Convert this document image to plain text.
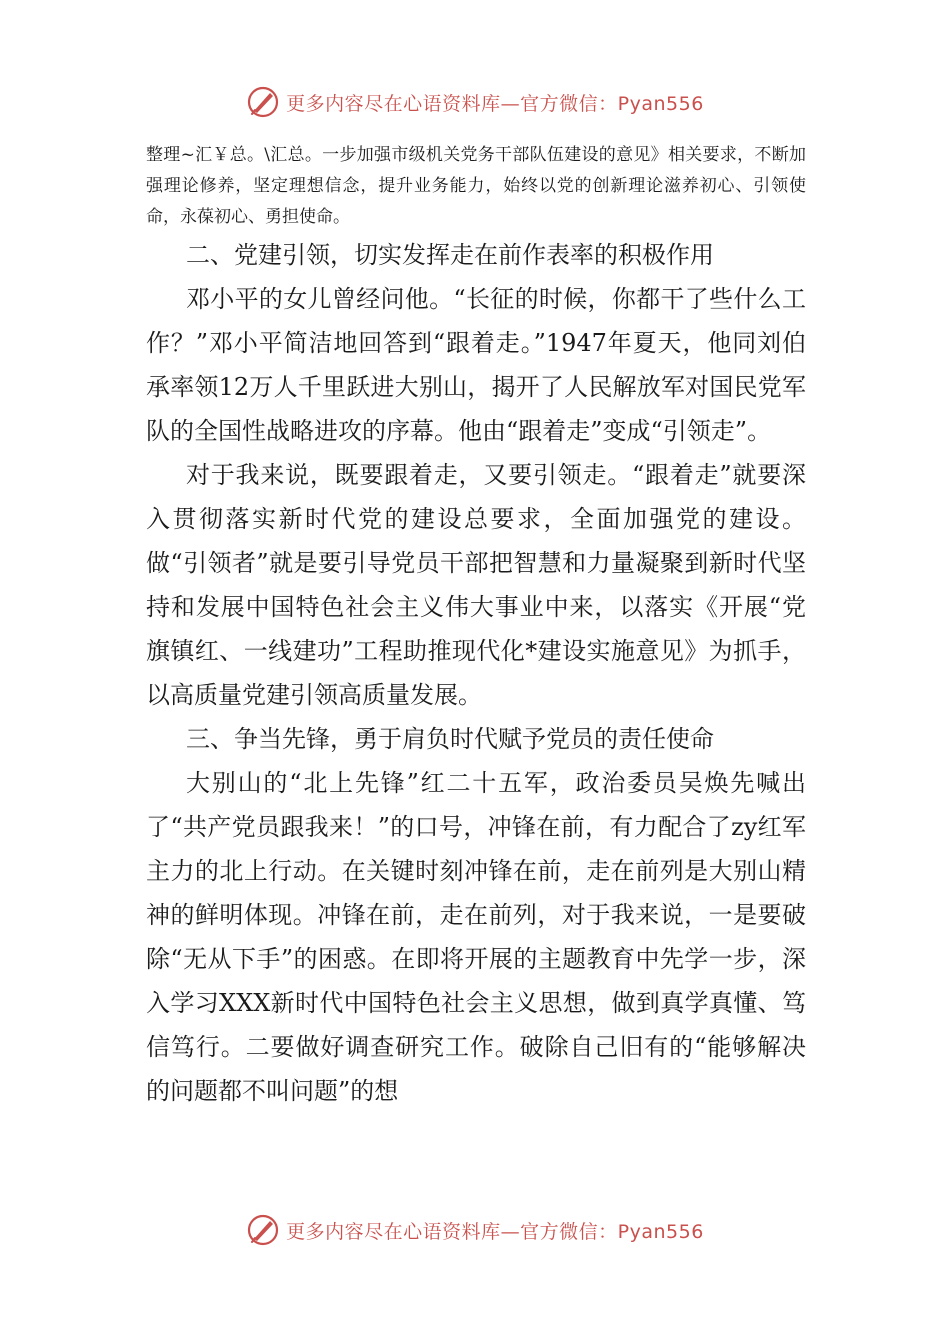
更多内容尽在心语资料库—官方微信：Pyan556

整理~汇￥总。\汇总。一步加强市级机关党务干部队伍建设的意见》相关要求，不断加强理论修养，坚定理想信念，提升业务能力，始终以党的创新理论滋养初心、引领使命，永葆初心、勇担使命。

二、党建引领，切实发挥走在前作表率的积极作用

邓小平的女儿曾经问他。“长征的时候，你都干了些什么工作？”邓小平简洁地回答到“跟着走。”1947年夏天，他同刘伯承率领12万人千里跃进大别山，揭开了人民解放军对国民党军队的全国性战略进攻的序幕。他由“跟着走”变成“引领走”。

对于我来说，既要跟着走，又要引领走。“跟着走”就要深入贯彻落实新时代党的建设总要求，全面加强党的建设。做“引领者”就是要引导党员干部把智慧和力量凝聚到新时代坚持和发展中国特色社会主义伟大事业中来，以落实《开展“党旗镇红、一线建功”工程助推现代化*建设实施意见》为抓手，以高质量党建引领高质量发展。

三、争当先锋，勇于肩负时代赋予党员的责任使命

大别山的“北上先锋”红二十五军，政治委员吴焕先喊出了“共产党员跟我来！”的口号，冲锋在前，有力配合了zy红军主力的北上行动。在关键时刻冲锋在前，走在前列是大别山精神的鲜明体现。冲锋在前，走在前列，对于我来说，一是要破除“无从下手”的困惑。在即将开展的主题教育中先学一步，深入学习XXX新时代中国特色社会主义思想，做到真学真懂、笃信笃行。二要做好调查研究工作。破除自己旧有的“能够解决的问题都不叫问题”的想

更多内容尽在心语资料库—官方微信：Pyan556
